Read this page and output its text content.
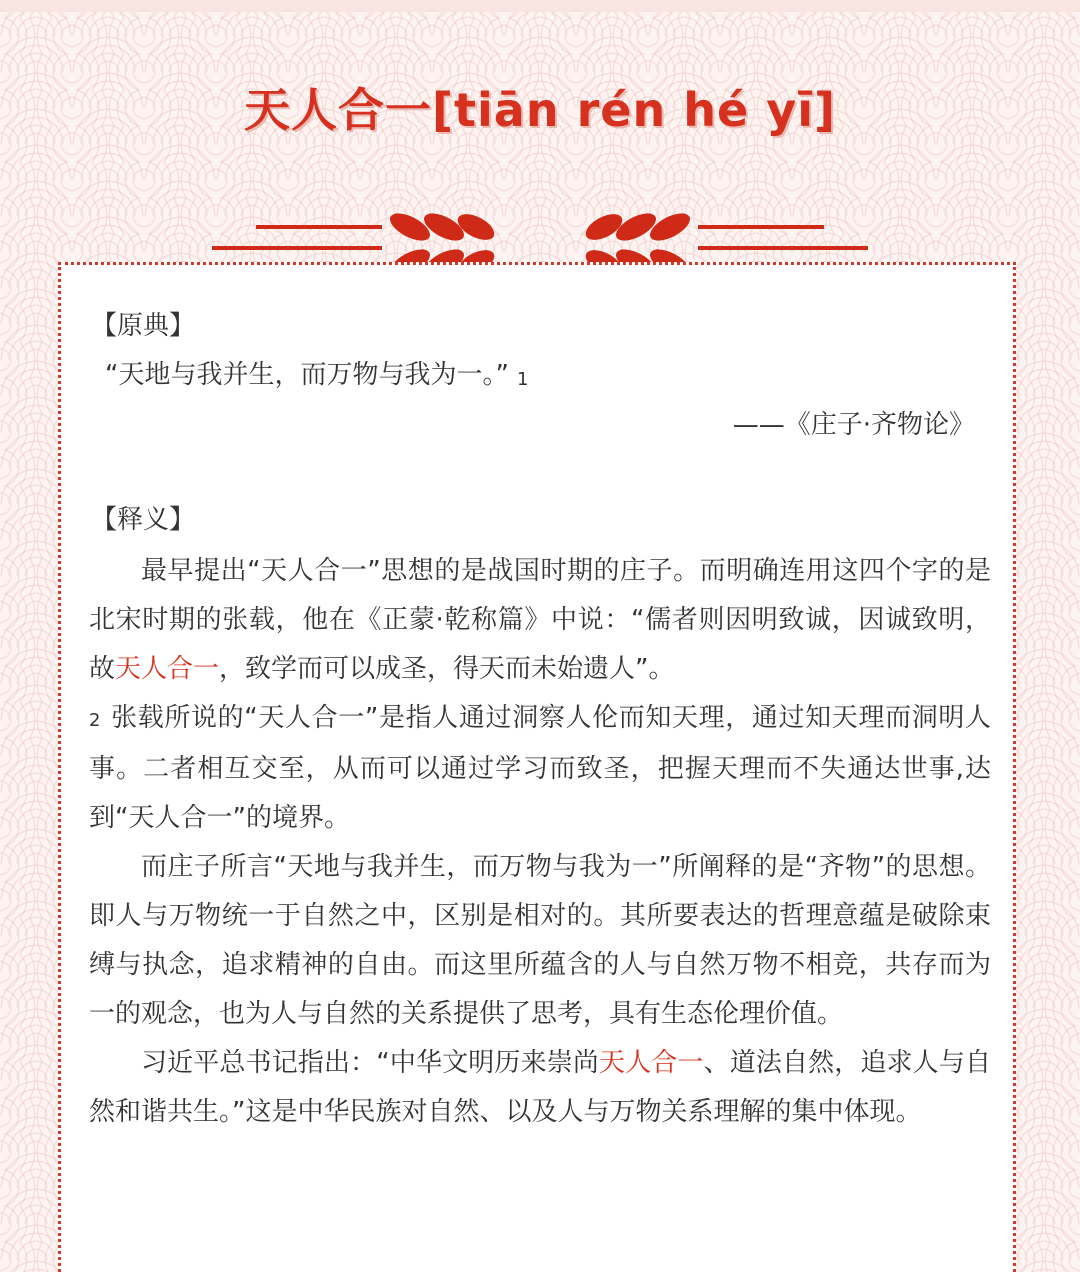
天人合一[tiān rén hé yī]
【原典】
“天地与我并生，而万物与我为一。” 1
——《庄子·齐物论》
【释义】

最早提出“天人合一”思想的是战国时期的庄子。而明确连用这四个字的是北宋时期的张载，他在《正蒙·乾称篇》中说：“儒者则因明致诚，因诚致明，故天人合一，致学而可以成圣，得天而未始遗人”。
2 张载所说的“天人合一”是指人通过洞察人伦而知天理，通过知天理而洞明人事。二者相互交至，从而可以通过学习而致圣，把握天理而不失通达世事,达到“天人合一”的境界。

而庄子所言“天地与我并生，而万物与我为一”所阐释的是“齐物”的思想。即人与万物统一于自然之中，区别是相对的。其所要表达的哲理意蕴是破除束缚与执念，追求精神的自由。而这里所蕴含的人与自然万物不相竞，共存而为一的观念，也为人与自然的关系提供了思考，具有生态伦理价值。

习近平总书记指出：“中华文明历来崇尚天人合一、道法自然，追求人与自然和谐共生。”这是中华民族对自然、以及人与万物关系理解的集中体现。
